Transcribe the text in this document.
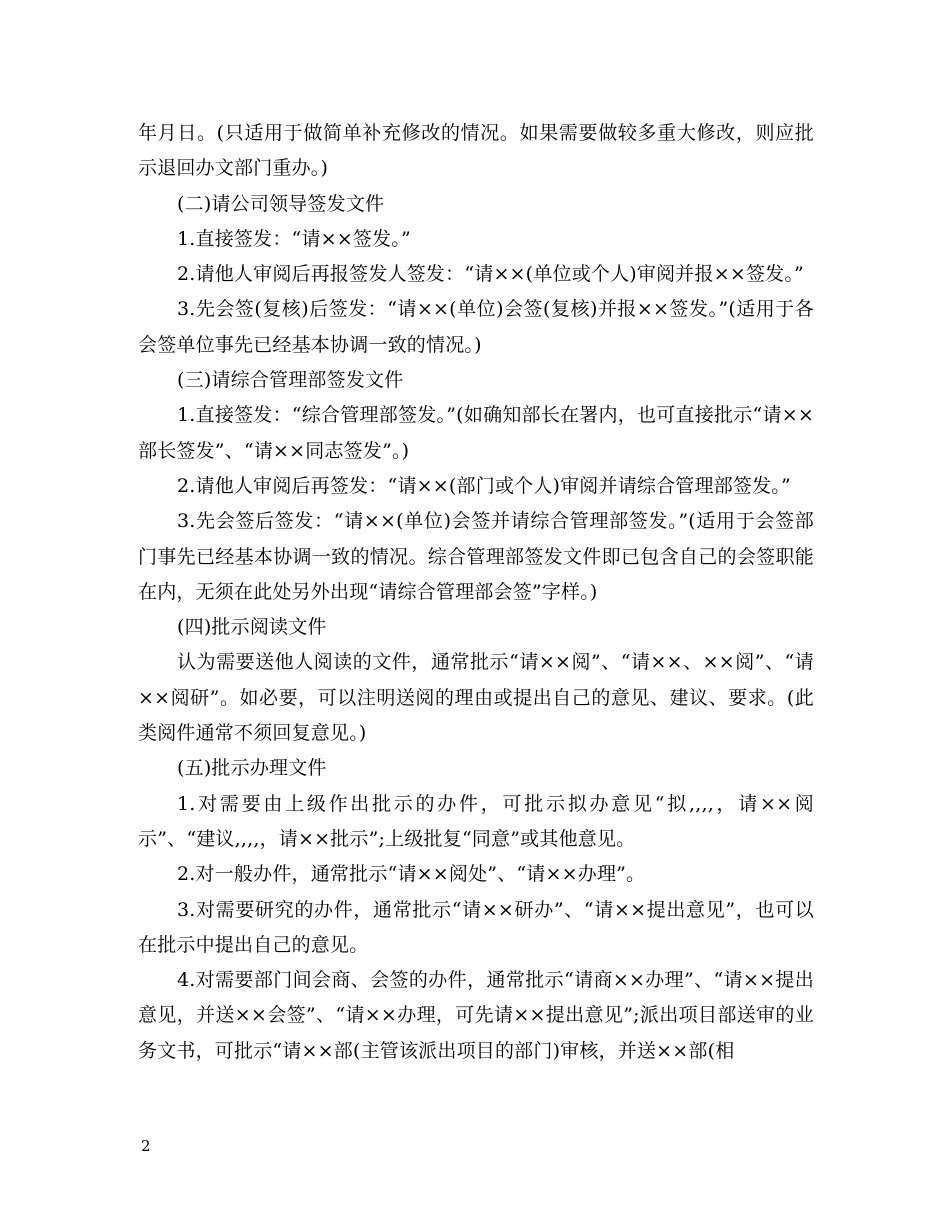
年月日。(只适用于做简单补充修改的情况。如果需要做较多重大修改，则应批示退回办文部门重办。)

(二)请公司领导签发文件

1.直接签发：“请××签发。”

2.请他人审阅后再报签发人签发：“请××(单位或个人)审阅并报××签发。”

3.先会签(复核)后签发：“请××(单位)会签(复核)并报××签发。”(适用于各会签单位事先已经基本协调一致的情况。)

(三)请综合管理部签发文件

1.直接签发：“综合管理部签发。”(如确知部长在署内，也可直接批示“请××部长签发”、“请××同志签发”。)

2.请他人审阅后再签发：“请××(部门或个人)审阅并请综合管理部签发。”

3.先会签后签发：“请××(单位)会签并请综合管理部签发。”(适用于会签部门事先已经基本协调一致的情况。综合管理部签发文件即已包含自己的会签职能在内，无须在此处另外出现“请综合管理部会签”字样。)

(四)批示阅读文件

认为需要送他人阅读的文件，通常批示“请××阅”、“请××、××阅”、“请××阅研”。如必要，可以注明送阅的理由或提出自己的意见、建议、要求。(此类阅件通常不须回复意见。)

(五)批示办理文件

1.对需要由上级作出批示的办件，可批示拟办意见“拟,,,,，请××阅示”、“建议,,,,，请××批示”;上级批复“同意”或其他意见。

2.对一般办件，通常批示“请××阅处”、“请××办理”。

3.对需要研究的办件，通常批示“请××研办”、“请××提出意见”，也可以在批示中提出自己的意见。

4.对需要部门间会商、会签的办件，通常批示“请商××办理”、“请××提出意见，并送××会签”、“请××办理，可先请××提出意见”;派出项目部送审的业务文书，可批示“请××部(主管该派出项目的部门)审核，并送××部(相

2
